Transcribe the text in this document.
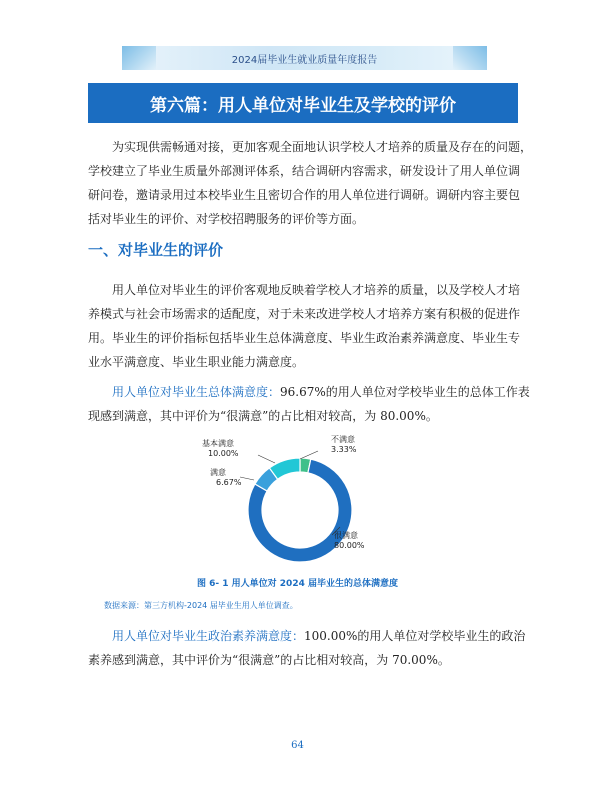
2024届毕业生就业质量年度报告
第六篇：用人单位对毕业生及学校的评价
为实现供需畅通对接，更加客观全面地认识学校人才培养的质量及存在的问题，
学校建立了毕业生质量外部测评体系，结合调研内容需求，研发设计了用人单位调
研问卷，邀请录用过本校毕业生且密切合作的用人单位进行调研。调研内容主要包
括对毕业生的评价、对学校招聘服务的评价等方面。
一、对毕业生的评价
用人单位对毕业生的评价客观地反映着学校人才培养的质量，以及学校人才培
养模式与社会市场需求的适配度，对于未来改进学校人才培养方案有积极的促进作
用。毕业生的评价指标包括毕业生总体满意度、毕业生政治素养满意度、毕业生专
业水平满意度、毕业生职业能力满意度。
用人单位对毕业生总体满意度：96.67%的用人单位对学校毕业生的总体工作表
现感到满意，其中评价为“很满意”的占比相对较高，为 80.00%。
基本满意
10.00%
不满意
3.33%
满意
6.67%
很满意
80.00%
图 6- 1 用人单位对 2024 届毕业生的总体满意度
数据来源：第三方机构-2024 届毕业生用人单位调查。
用人单位对毕业生政治素养满意度：100.00%的用人单位对学校毕业生的政治
素养感到满意，其中评价为“很满意”的占比相对较高，为 70.00%。
64
